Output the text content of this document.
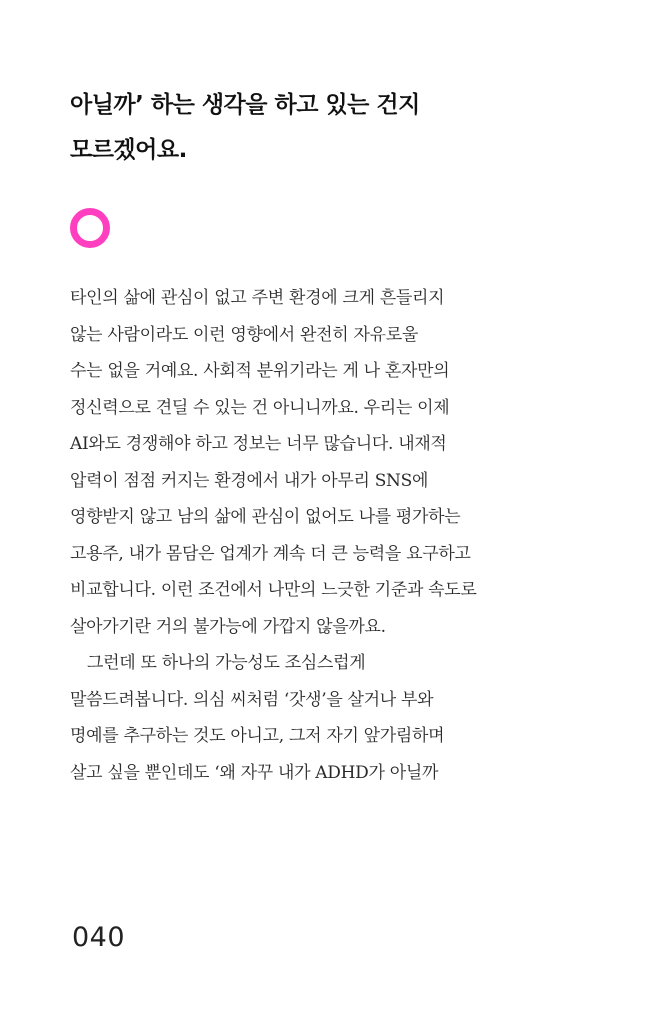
아닐까’ 하는 생각을 하고 있는 건지
모르겠어요.
타인의 삶에 관심이 없고 주변 환경에 크게 흔들리지
않는 사람이라도 이런 영향에서 완전히 자유로울
수는 없을 거예요. 사회적 분위기라는 게 나 혼자만의
정신력으로 견딜 수 있는 건 아니니까요. 우리는 이제
AI와도 경쟁해야 하고 정보는 너무 많습니다. 내재적
압력이 점점 커지는 환경에서 내가 아무리 SNS에
영향받지 않고 남의 삶에 관심이 없어도 나를 평가하는
고용주, 내가 몸담은 업계가 계속 더 큰 능력을 요구하고
비교합니다. 이런 조건에서 나만의 느긋한 기준과 속도로
살아가기란 거의 불가능에 가깝지 않을까요.
그런데 또 하나의 가능성도 조심스럽게
말씀드려봅니다. 의심 씨처럼 ‘갓생’을 살거나 부와
명예를 추구하는 것도 아니고, 그저 자기 앞가림하며
살고 싶을 뿐인데도 ‘왜 자꾸 내가 ADHD가 아닐까
040
